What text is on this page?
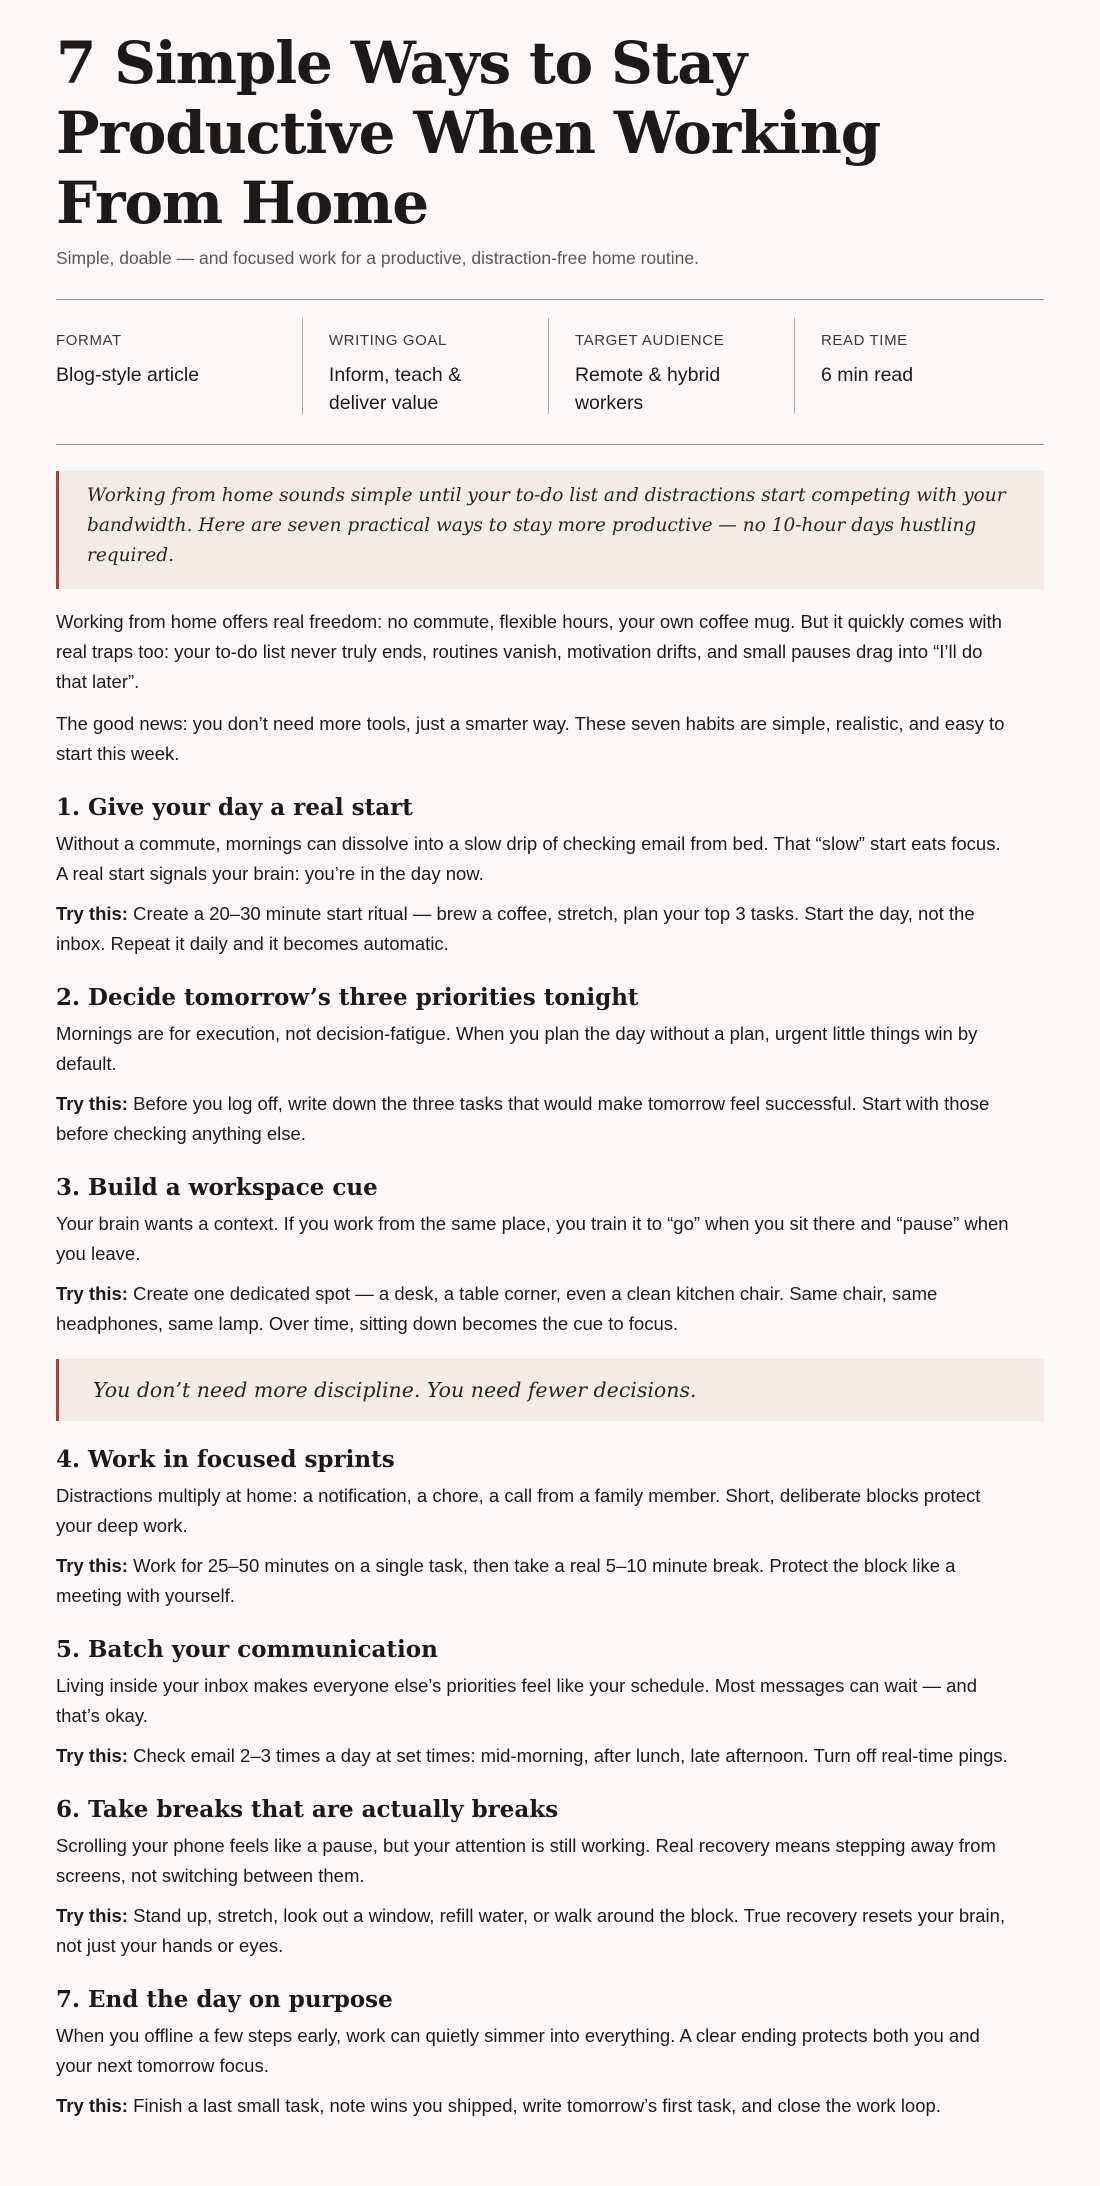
7 Simple Ways to Stay Productive When Working From Home
Simple, doable — and focused work for a productive, distraction-free home routine.
FORMAT
Blog-style article
WRITING GOAL
Inform, teach & deliver value
TARGET AUDIENCE
Remote & hybrid workers
READ TIME
6 min read
Working from home sounds simple until your to-do list and distractions start competing with your bandwidth. Here are seven practical ways to stay more productive — no 10-hour days hustling required.

Working from home offers real freedom: no commute, flexible hours, your own coffee mug. But it quickly comes with real traps too: your to-do list never truly ends, routines vanish, motivation drifts, and small pauses drag into “I’ll do that later”.

The good news: you don’t need more tools, just a smarter way. These seven habits are simple, realistic, and easy to start this week.

1. Give your day a real start

Without a commute, mornings can dissolve into a slow drip of checking email from bed. That “slow” start eats focus. A real start signals your brain: you’re in the day now.

Try this: Create a 20–30 minute start ritual — brew a coffee, stretch, plan your top 3 tasks. Start the day, not the inbox. Repeat it daily and it becomes automatic.

2. Decide tomorrow’s three priorities tonight

Mornings are for execution, not decision-fatigue. When you plan the day without a plan, urgent little things win by default.

Try this: Before you log off, write down the three tasks that would make tomorrow feel successful. Start with those before checking anything else.

3. Build a workspace cue

Your brain wants a context. If you work from the same place, you train it to “go” when you sit there and “pause” when you leave.

Try this: Create one dedicated spot — a desk, a table corner, even a clean kitchen chair. Same chair, same headphones, same lamp. Over time, sitting down becomes the cue to focus.

You don’t need more discipline. You need fewer decisions.
4. Work in focused sprints

Distractions multiply at home: a notification, a chore, a call from a family member. Short, deliberate blocks protect your deep work.

Try this: Work for 25–50 minutes on a single task, then take a real 5–10 minute break. Protect the block like a meeting with yourself.

5. Batch your communication

Living inside your inbox makes everyone else’s priorities feel like your schedule. Most messages can wait — and that’s okay.

Try this: Check email 2–3 times a day at set times: mid-morning, after lunch, late afternoon. Turn off real-time pings.

6. Take breaks that are actually breaks

Scrolling your phone feels like a pause, but your attention is still working. Real recovery means stepping away from screens, not switching between them.

Try this: Stand up, stretch, look out a window, refill water, or walk around the block. True recovery resets your brain, not just your hands or eyes.

7. End the day on purpose

When you offline a few steps early, work can quietly simmer into everything. A clear ending protects both you and your next tomorrow focus.

Try this: Finish a last small task, note wins you shipped, write tomorrow’s first task, and close the work loop.
